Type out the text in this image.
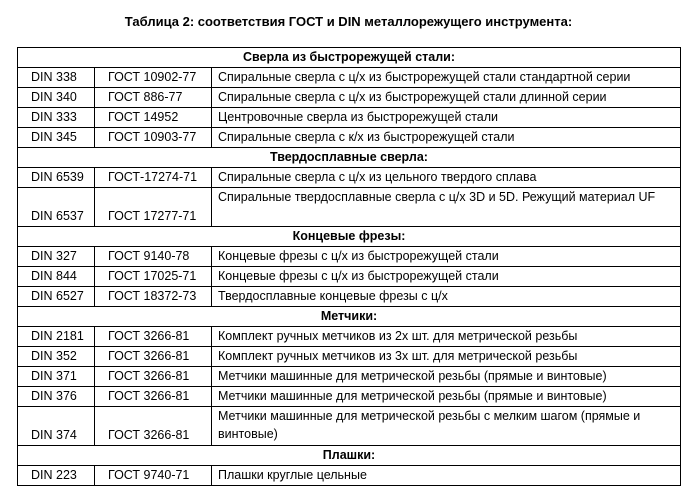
Таблица 2: соответствия ГОСТ и DIN металлорежущего инструмента:
Сверла из быстрорежущей стали:		
DIN 338	ГОСТ 10902-77	Спиральные сверла с ц/х из быстрорежущей стали стандартной серии
DIN 340	ГОСТ 886-77	Спиральные сверла с ц/х из быстрорежущей стали длинной серии
DIN 333	ГОСТ 14952	Центровочные сверла из быстрорежущей стали
DIN 345	ГОСТ 10903-77	Спиральные сверла с к/х из быстрорежущей стали
Твердосплавные сверла:		
DIN 6539	ГОСТ-17274-71	Спиральные сверла с ц/х из цельного твердого сплава
DIN 6537	ГОСТ 17277-71	Спиральные твердосплавные сверла с ц/х 3D и 5D. Режущий материал UF
Концевые фрезы:		
DIN 327	ГОСТ 9140-78	Концевые фрезы с ц/х из быстрорежущей стали
DIN 844	ГОСТ 17025-71	Концевые фрезы с ц/х из быстрорежущей стали
DIN 6527	ГОСТ 18372-73	Твердосплавные концевые фрезы с ц/х
Метчики:		
DIN 2181	ГОСТ 3266-81	Комплект ручных метчиков из 2х шт. для метрической резьбы
DIN 352	ГОСТ 3266-81	Комплект ручных метчиков из 3х шт. для метрической резьбы
DIN 371	ГОСТ 3266-81	Метчики машинные для метрической резьбы (прямые и винтовые)
DIN 376	ГОСТ 3266-81	Метчики машинные для метрической резьбы (прямые и винтовые)
DIN 374	ГОСТ 3266-81	Метчики машинные для метрической резьбы с мелким шагом (прямые и винтовые)
Плашки:		
DIN 223	ГОСТ 9740-71	Плашки круглые цельные
